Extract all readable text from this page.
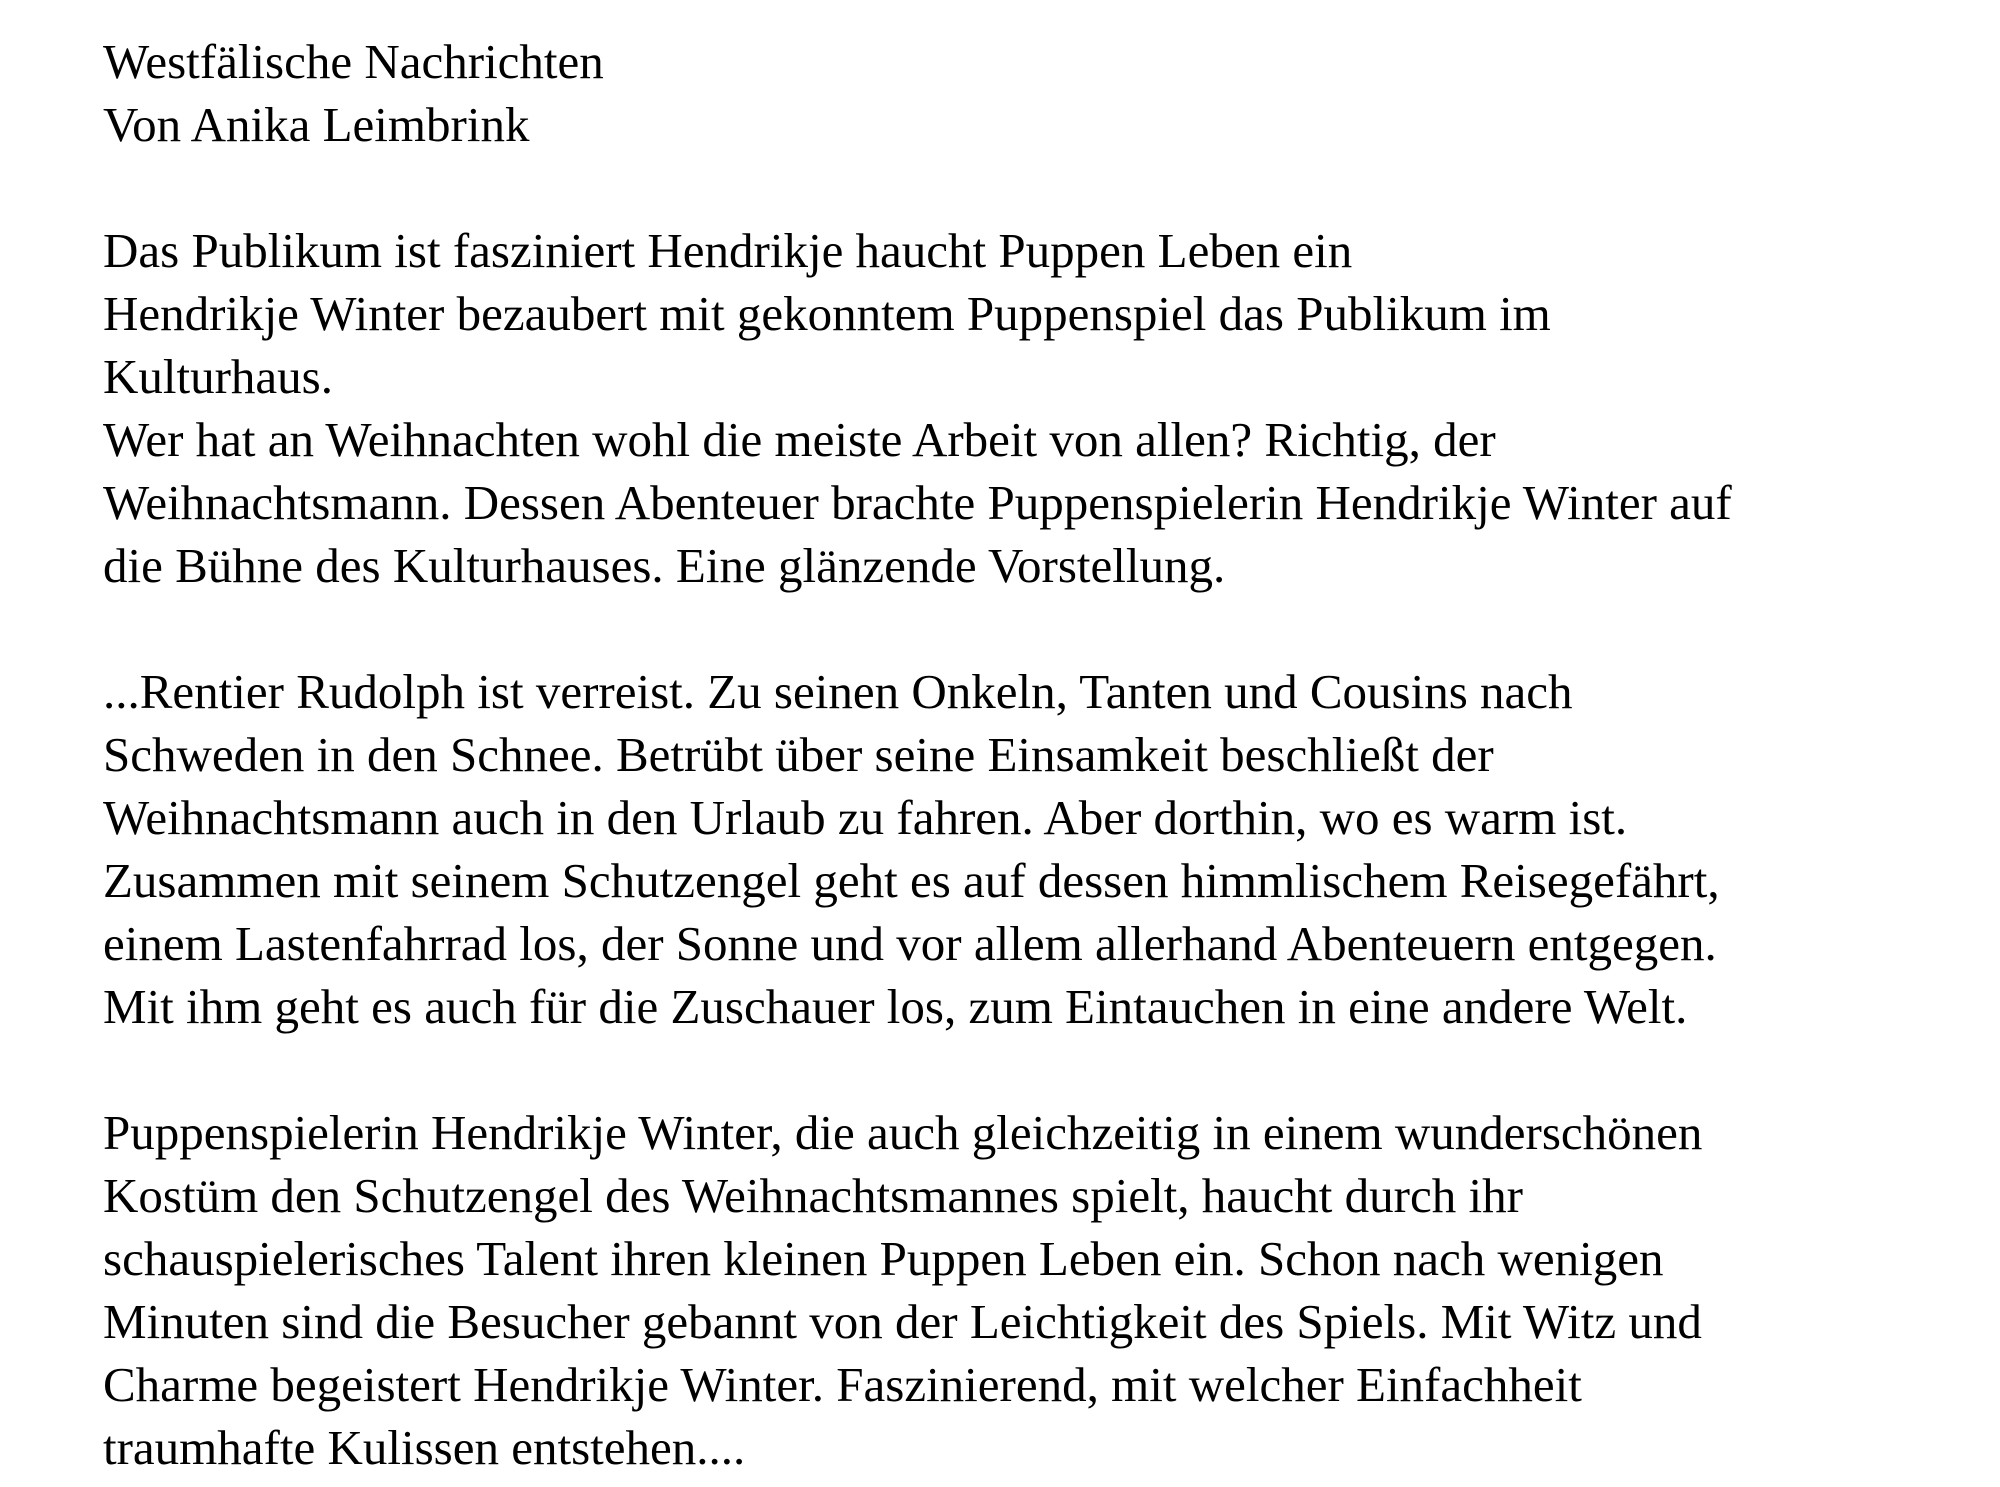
Westfälische Nachrichten
Von Anika Leimbrink
Das Publikum ist fasziniert Hendrikje haucht Puppen Leben ein
Hendrikje Winter bezaubert mit gekonntem Puppenspiel das Publikum im
Kulturhaus.
Wer hat an Weihnachten wohl die meiste Arbeit von allen? Richtig, der
Weihnachtsmann. Dessen Abenteuer brachte Puppenspielerin Hendrikje Winter auf
die Bühne des Kulturhauses. Eine glänzende Vorstellung.
...Rentier Rudolph ist verreist. Zu seinen Onkeln, Tanten und Cousins nach
Schweden in den Schnee. Betrübt über seine Einsamkeit beschließt der
Weihnachtsmann auch in den Urlaub zu fahren. Aber dorthin, wo es warm ist.
Zusammen mit seinem Schutzengel geht es auf dessen himmlischem Reisegefährt,
einem Lastenfahrrad los, der Sonne und vor allem allerhand Abenteuern entgegen.
Mit ihm geht es auch für die Zuschauer los, zum Eintauchen in eine andere Welt.
Puppenspielerin Hendrikje Winter, die auch gleichzeitig in einem wunderschönen
Kostüm den Schutzengel des Weihnachtsmannes spielt, haucht durch ihr
schauspielerisches Talent ihren kleinen Puppen Leben ein. Schon nach wenigen
Minuten sind die Besucher gebannt von der Leichtigkeit des Spiels. Mit Witz und
Charme begeistert Hendrikje Winter. Faszinierend, mit welcher Einfachheit
traumhafte Kulissen entstehen....
